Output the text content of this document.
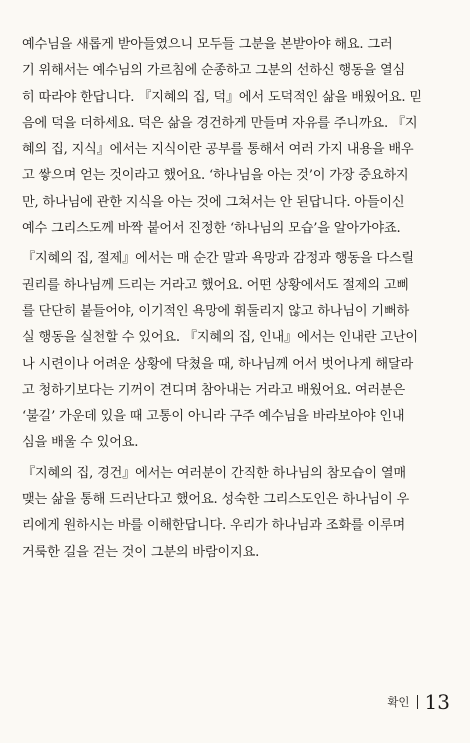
예수님을 새롭게 받아들였으니 모두들 그분을 본받아야 해요. 그러
기 위해서는 예수님의 가르침에 순종하고 그분의 선하신 행동을 열심
히 따라야 한답니다. 『지혜의 집, 덕』에서 도덕적인 삶을 배웠어요. 믿
음에 덕을 더하세요. 덕은 삶을 경건하게 만들며 자유를 주니까요. 『지
혜의 집, 지식』에서는 지식이란 공부를 통해서 여러 가지 내용을 배우
고 쌓으며 얻는 것이라고 했어요. ‘하나님을 아는 것’이 가장 중요하지
만, 하나님에 관한 지식을 아는 것에 그쳐서는 안 된답니다. 아들이신
예수 그리스도께 바짝 붙어서 진정한 ‘하나님의 모습’을 알아가야죠.

『지혜의 집, 절제』에서는 매 순간 말과 욕망과 감정과 행동을 다스릴
권리를 하나님께 드리는 거라고 했어요. 어떤 상황에서도 절제의 고삐
를 단단히 붙들어야, 이기적인 욕망에 휘둘리지 않고 하나님이 기뻐하
실 행동을 실천할 수 있어요. 『지혜의 집, 인내』에서는 인내란 고난이
나 시련이나 어려운 상황에 닥쳤을 때, 하나님께 어서 벗어나게 해달라
고 청하기보다는 기꺼이 견디며 참아내는 거라고 배웠어요. 여러분은
‘불길’ 가운데 있을 때 고통이 아니라 구주 예수님을 바라보아야 인내
심을 배울 수 있어요.

『지혜의 집, 경건』에서는 여러분이 간직한 하나님의 참모습이 열매
맺는 삶을 통해 드러난다고 했어요. 성숙한 그리스도인은 하나님이 우
리에게 원하시는 바를 이해한답니다. 우리가 하나님과 조화를 이루며
거룩한 길을 걷는 것이 그분의 바람이지요.

확인 13
